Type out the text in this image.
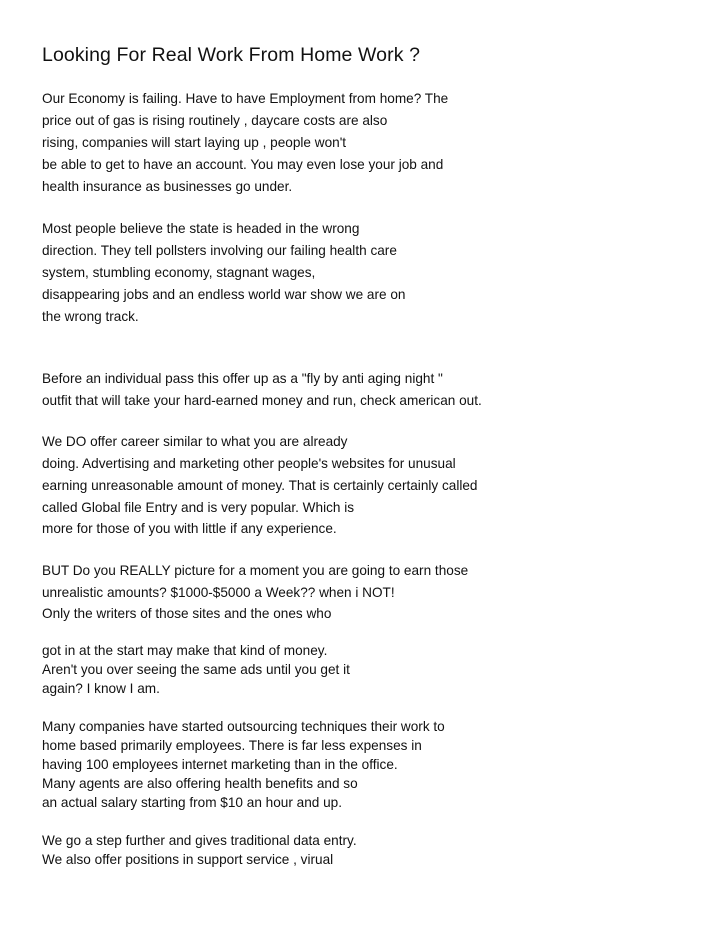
Looking For Real Work From Home Work ?
Our Economy is failing. Have to have Employment from home? The
price out of gas is rising routinely , daycare costs are also
rising, companies will start laying up , people won't
be able to get to have an account. You may even lose your job and
health insurance as businesses go under.
Most people believe the state is headed in the wrong
direction. They tell pollsters involving our failing health care
system, stumbling economy, stagnant wages,
disappearing jobs and an endless world war show we are on
the wrong track.
Before an individual pass this offer up as a "fly by anti aging night "
outfit that will take your hard-earned money and run, check american out.
We DO offer career similar to what you are already
doing. Advertising and marketing other people's websites for unusual
earning unreasonable amount of money. That is certainly certainly called
called Global file Entry and is very popular. Which is
more for those of you with little if any experience.
BUT Do you REALLY picture for a moment you are going to earn those
unrealistic amounts? $1000-$5000 a Week?? when i NOT!
Only the writers of those sites and the ones who
got in at the start may make that kind of money.
Aren't you over seeing the same ads until you get it
again? I know I am.
Many companies have started outsourcing techniques their work to
home based primarily employees. There is far less expenses in
having 100 employees internet marketing than in the office.
Many agents are also offering health benefits and so
an actual salary starting from $10 an hour and up.
We go a step further and gives traditional data entry.
We also offer positions in support service , virual
